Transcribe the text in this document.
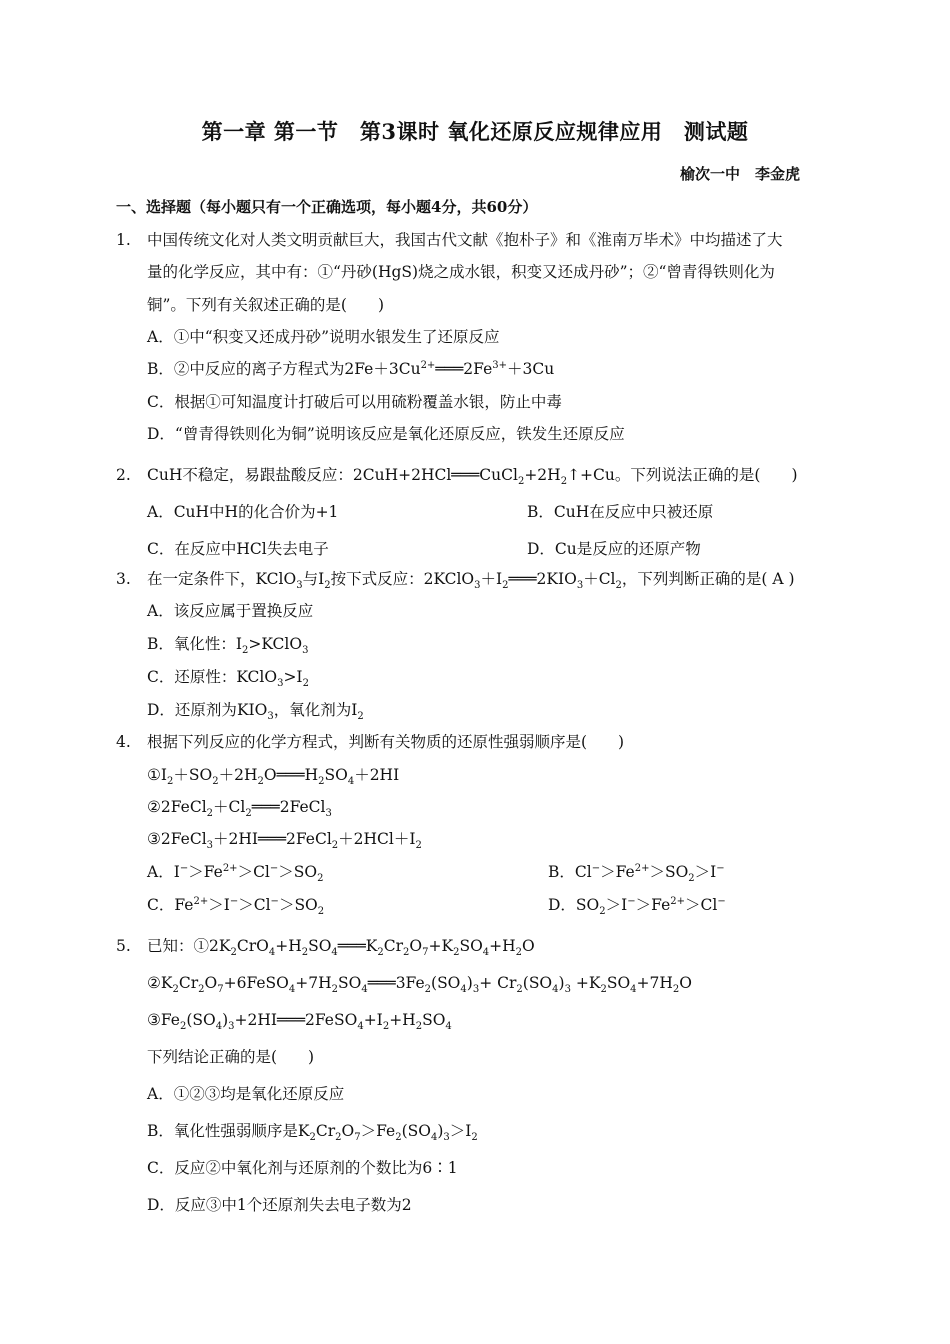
第一章 第一节　第3课时 氧化还原反应规律应用　测试题
榆次一中　李金虎
一、选择题（每小题只有一个正确选项，每小题4分，共60分）
1.	中国传统文化对人类文明贡献巨大，我国古代文献《抱朴子》和《淮南万毕术》中均描述了大
量的化学反应，其中有：①“丹砂(HgS)烧之成水银，积变又还成丹砂”；②“曾青得铁则化为
铜”。下列有关叙述正确的是(　　)
A．①中“积变又还成丹砂”说明水银发生了还原反应
B．②中反应的离子方程式为$2Fe+3Cu^{2+}═══2Fe^{3+}+3Cu$
C．根据①可知温度计打破后可以用硫粉覆盖水银，防止中毒
D．“曾青得铁则化为铜”说明该反应是氧化还原反应，铁发生还原反应
2.	CuH不稳定，易跟盐酸反应：$2CuH+2HCl═══CuCl_2+2H_2↑+Cu$。下列说法正确的是(　　)
A．CuH中H的化合价为+1	B．CuH在反应中只被还原
C．在反应中HCl失去电子	D．Cu是反应的还原产物
3.	在一定条件下，KClO$_3$与$I_2$按下式反应：$2KClO_3+I_2═══2KIO_3+Cl_2$，下列判断正确的是( A )
A．该反应属于置换反应
B．氧化性：$I_2>KClO_3$
C．还原性：$KClO_3>I_2$
D．还原剂为$KIO_3$，氧化剂为$I_2$
4.	根据下列反应的化学方程式，判断有关物质的还原性强弱顺序是(　　)
$①I_2+SO_2+2H_2O═══H_2SO_4+2HI$
$②2FeCl_2+Cl_2═══2FeCl_3$
$③2FeCl_3+2HI═══2FeCl_2+2HCl+I_2$
A．$I^->Fe^{2+}>Cl^->SO_2$	B．$Cl^->Fe^{2+}>SO_2>I^-$
C．$Fe^{2+}>I^->Cl^->SO_2$	D．$SO_2>I^->Fe^{2+}>Cl^-$
5.	已知：$①2K_2CrO_4+H_2SO_4═══K_2Cr_2O_7+K_2SO_4+H_2O$
$②K_2Cr_2O_7+6FeSO_4+7H_2SO_4═══3Fe_2(SO_4)_3+ Cr_2(SO_4)_3 +K_2SO_4+7H_2O$
$③Fe_2(SO_4)_3+2HI═══2FeSO_4+I_2+H_2SO_4$
下列结论正确的是(　　)
A．①②③均是氧化还原反应
B．氧化性强弱顺序是$K_2Cr_2O_7>Fe_2(SO_4)_3>I_2$
C．反应②中氧化剂与还原剂的个数比为6∶1
D．反应③中1个还原剂失去电子数为2
